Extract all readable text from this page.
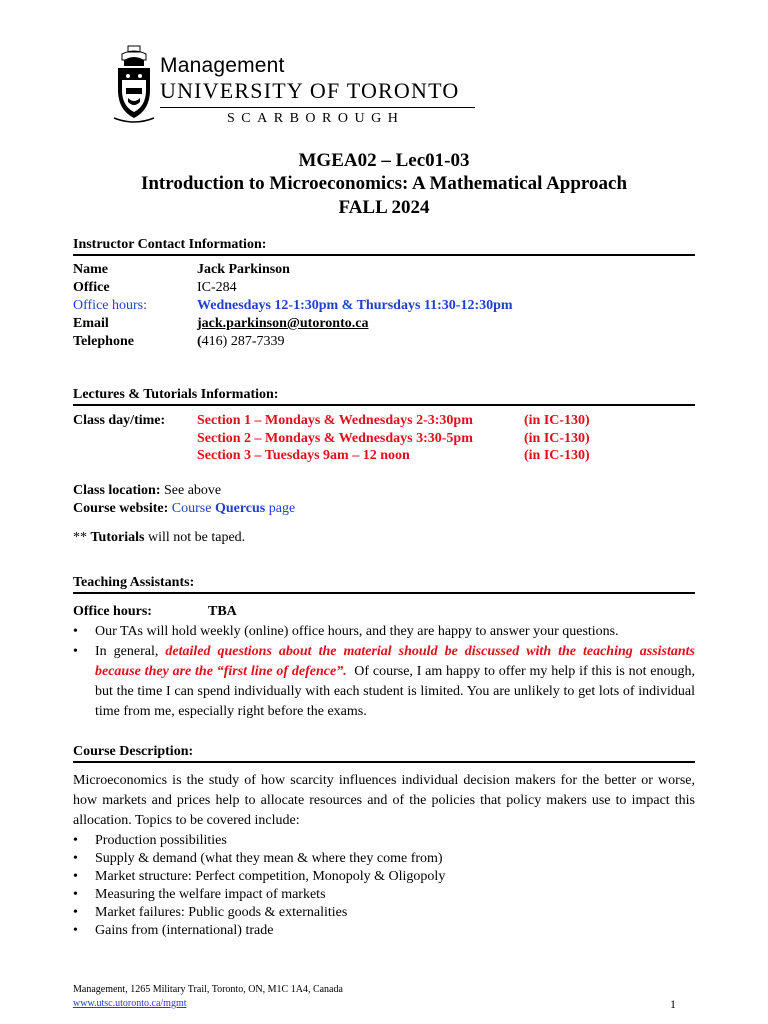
Management
UNIVERSITY OF TORONTO
SCARBOROUGH
MGEA02 – Lec01-03
Introduction to Microeconomics: A Mathematical Approach
FALL 2024
Instructor Contact Information:
Name	Jack Parkinson
Office	IC-284
Office hours:	Wednesdays 12-1:30pm & Thursdays 11:30-12:30pm
Email	jack.parkinson@utoronto.ca
Telephone	(416) 287-7339
Lectures & Tutorials Information:
Class day/time: Section 1 – Mondays & Wednesdays 2-3:30pm	(in IC-130)
Section 2 – Mondays & Wednesdays 3:30-5pm	(in IC-130)
Section 3 – Tuesdays 9am – 12 noon	(in IC-130)
Class location: See above
Course website: Course Quercus page
** Tutorials will not be taped.
Teaching Assistants:
Office hours:	TBA
• Our TAs will hold weekly (online) office hours, and they are happy to answer your questions.
• In general, detailed questions about the material should be discussed with the teaching assistants because they are the “first line of defence”. Of course, I am happy to offer my help if this is not enough, but the time I can spend individually with each student is limited. You are unlikely to get lots of individual time from me, especially right before the exams.
Course Description:
Microeconomics is the study of how scarcity influences individual decision makers for the better or worse, how markets and prices help to allocate resources and of the policies that policy makers use to impact this allocation. Topics to be covered include:
• Production possibilities
• Supply & demand (what they mean & where they come from)
• Market structure: Perfect competition, Monopoly & Oligopoly
• Measuring the welfare impact of markets
• Market failures: Public goods & externalities
• Gains from (international) trade
Management, 1265 Military Trail, Toronto, ON, M1C 1A4, Canada
www.utsc.utoronto.ca/mgmt	1
